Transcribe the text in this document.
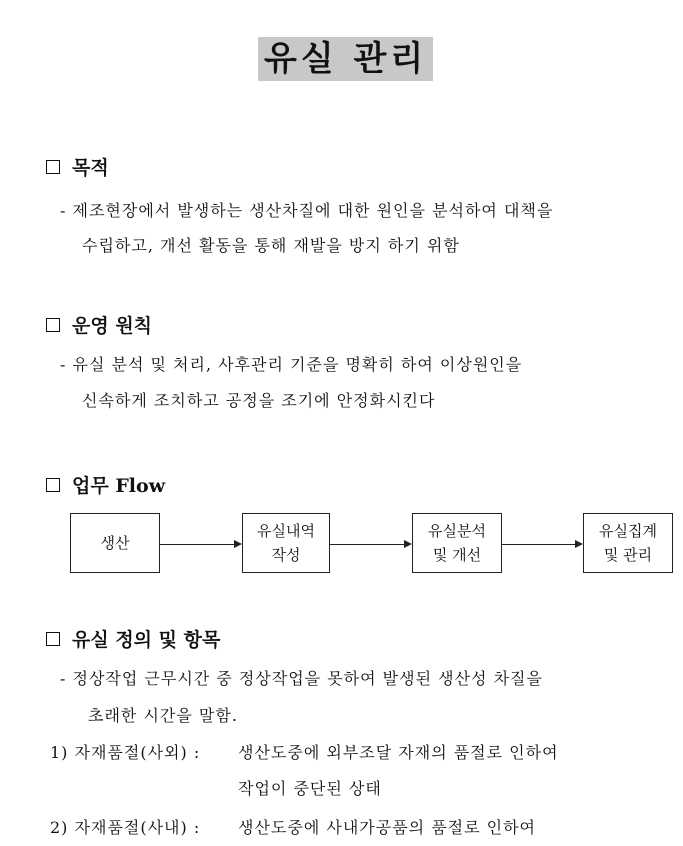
유실 관리
목적
- 제조현장에서 발생하는 생산차질에 대한 원인을 분석하여 대책을
수립하고, 개선 활동을 통해 재발을 방지 하기 위함
운영 원칙
- 유실 분석 및 처리, 사후관리 기준을 명확히 하여 이상원인을
신속하게 조치하고 공정을 조기에 안정화시킨다
업무 Flow
생산
유실내역
작성
유실분석
및 개선
유실집계
및 관리
유실 정의 및 항목
- 정상작업 근무시간 중 정상작업을 못하여 발생된 생산성 차질을
초래한 시간을 말함.
1) 자재품절(사외) : 생산도중에 외부조달 자재의 품절로 인하여
작업이 중단된 상태
2) 자재품절(사내) : 생산도중에 사내가공품의 품절로 인하여
